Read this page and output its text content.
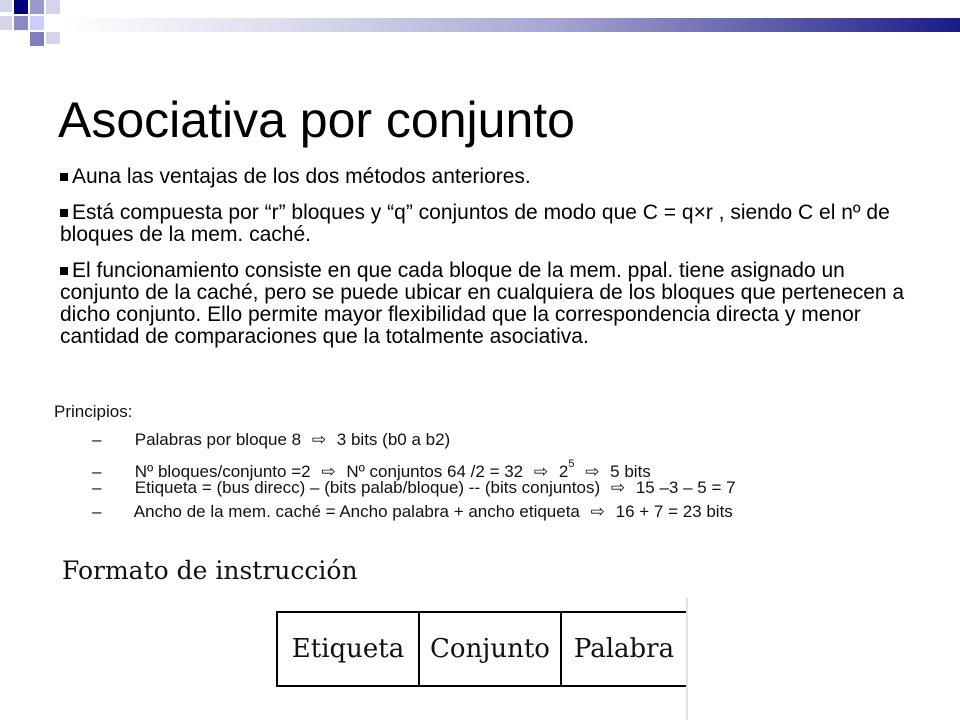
Asociativa por conjunto
Auna las ventajas de los dos métodos anteriores.
Está compuesta por “r” bloques y “q” conjuntos de modo que C = q×r , siendo C el nº de bloques de la mem. caché.
El funcionamiento consiste en que cada bloque de la mem. ppal. tiene asignado un conjunto de la caché, pero se puede ubicar en cualquiera de los bloques que pertenecen a dicho conjunto. Ello permite mayor flexibilidad que la correspondencia directa y menor cantidad de comparaciones que la totalmente asociativa.
Principios:
– Palabras por bloque 8 ⇨ 3 bits (b0 a b2)
– Nº bloques/conjunto =2 ⇨ Nº conjuntos 64 /2 = 32 ⇨ $2^5$ ⇨ 5 bits
– Etiqueta = (bus direcc) – (bits palab/bloque) -- (bits conjuntos) ⇨ 15 –3 – 5 = 7
– Ancho de la mem. caché = Ancho palabra + ancho etiqueta ⇨ 16 + 7 = 23 bits
Formato de instrucción
Etiqueta Conjunto Palabra
